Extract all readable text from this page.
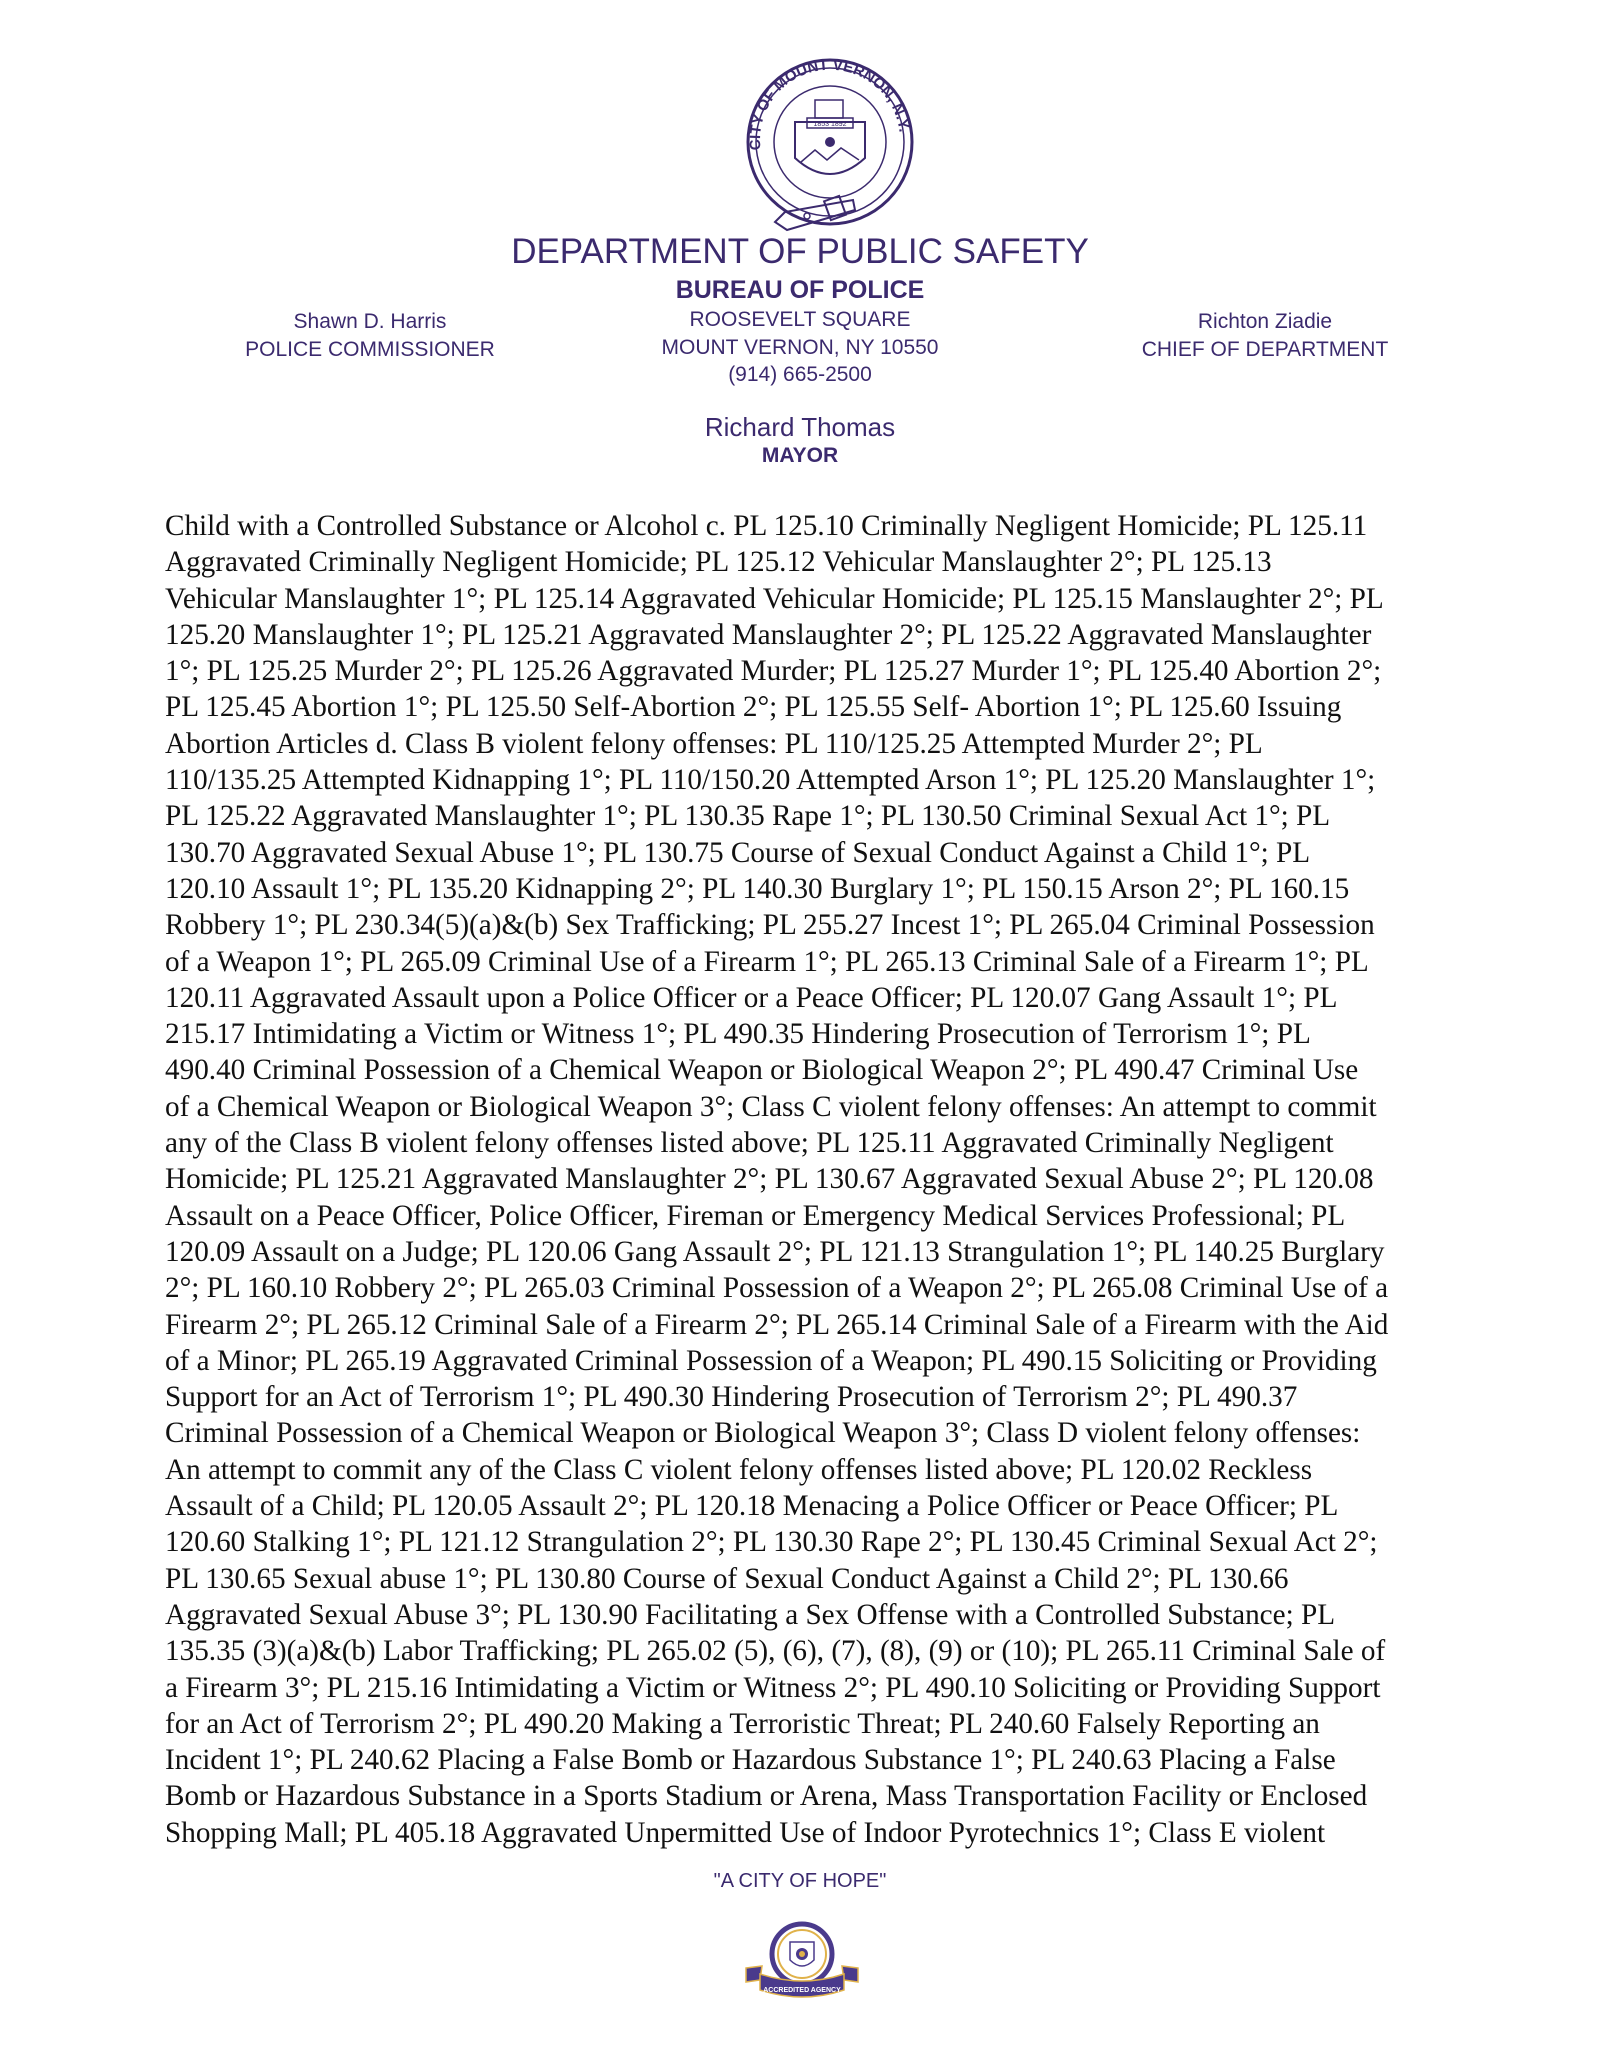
1853 1892
CITY OF MOUNT VERNON, N.Y.
DEPARTMENT OF PUBLIC SAFETY
BUREAU OF POLICE
Shawn D. Harris
POLICE COMMISSIONER
ROOSEVELT SQUARE
MOUNT VERNON, NY 10550
(914) 665-2500
Richton Ziadie
CHIEF OF DEPARTMENT
Richard Thomas
MAYOR
Child with a Controlled Substance or Alcohol c. PL 125.10 Criminally Negligent Homicide; PL 125.11
Aggravated Criminally Negligent Homicide; PL 125.12 Vehicular Manslaughter 2°; PL 125.13
Vehicular Manslaughter 1°; PL 125.14 Aggravated Vehicular Homicide; PL 125.15 Manslaughter 2°; PL
125.20 Manslaughter 1°; PL 125.21 Aggravated Manslaughter 2°; PL 125.22 Aggravated Manslaughter
1°; PL 125.25 Murder 2°; PL 125.26 Aggravated Murder; PL 125.27 Murder 1°; PL 125.40 Abortion 2°;
PL 125.45 Abortion 1°; PL 125.50 Self-Abortion 2°; PL 125.55 Self- Abortion 1°; PL 125.60 Issuing
Abortion Articles d. Class B violent felony offenses: PL 110/125.25 Attempted Murder 2°; PL
110/135.25 Attempted Kidnapping 1°; PL 110/150.20 Attempted Arson 1°; PL 125.20 Manslaughter 1°;
PL 125.22 Aggravated Manslaughter 1°; PL 130.35 Rape 1°; PL 130.50 Criminal Sexual Act 1°; PL
130.70 Aggravated Sexual Abuse 1°; PL 130.75 Course of Sexual Conduct Against a Child 1°; PL
120.10 Assault 1°; PL 135.20 Kidnapping 2°; PL 140.30 Burglary 1°; PL 150.15 Arson 2°; PL 160.15
Robbery 1°; PL 230.34(5)(a)&(b) Sex Trafficking; PL 255.27 Incest 1°; PL 265.04 Criminal Possession
of a Weapon 1°; PL 265.09 Criminal Use of a Firearm 1°; PL 265.13 Criminal Sale of a Firearm 1°; PL
120.11 Aggravated Assault upon a Police Officer or a Peace Officer; PL 120.07 Gang Assault 1°; PL
215.17 Intimidating a Victim or Witness 1°; PL 490.35 Hindering Prosecution of Terrorism 1°; PL
490.40 Criminal Possession of a Chemical Weapon or Biological Weapon 2°; PL 490.47 Criminal Use
of a Chemical Weapon or Biological Weapon 3°; Class C violent felony offenses: An attempt to commit
any of the Class B violent felony offenses listed above; PL 125.11 Aggravated Criminally Negligent
Homicide; PL 125.21 Aggravated Manslaughter 2°; PL 130.67 Aggravated Sexual Abuse 2°; PL 120.08
Assault on a Peace Officer, Police Officer, Fireman or Emergency Medical Services Professional; PL
120.09 Assault on a Judge; PL 120.06 Gang Assault 2°; PL 121.13 Strangulation 1°; PL 140.25 Burglary
2°; PL 160.10 Robbery 2°; PL 265.03 Criminal Possession of a Weapon 2°; PL 265.08 Criminal Use of a
Firearm 2°; PL 265.12 Criminal Sale of a Firearm 2°; PL 265.14 Criminal Sale of a Firearm with the Aid
of a Minor; PL 265.19 Aggravated Criminal Possession of a Weapon; PL 490.15 Soliciting or Providing
Support for an Act of Terrorism 1°; PL 490.30 Hindering Prosecution of Terrorism 2°; PL 490.37
Criminal Possession of a Chemical Weapon or Biological Weapon 3°; Class D violent felony offenses:
An attempt to commit any of the Class C violent felony offenses listed above; PL 120.02 Reckless
Assault of a Child; PL 120.05 Assault 2°; PL 120.18 Menacing a Police Officer or Peace Officer; PL
120.60 Stalking 1°; PL 121.12 Strangulation 2°; PL 130.30 Rape 2°; PL 130.45 Criminal Sexual Act 2°;
PL 130.65 Sexual abuse 1°; PL 130.80 Course of Sexual Conduct Against a Child 2°; PL 130.66
Aggravated Sexual Abuse 3°; PL 130.90 Facilitating a Sex Offense with a Controlled Substance; PL
135.35 (3)(a)&(b) Labor Trafficking; PL 265.02 (5), (6), (7), (8), (9) or (10); PL 265.11 Criminal Sale of
a Firearm 3°; PL 215.16 Intimidating a Victim or Witness 2°; PL 490.10 Soliciting or Providing Support
for an Act of Terrorism 2°; PL 490.20 Making a Terroristic Threat; PL 240.60 Falsely Reporting an
Incident 1°; PL 240.62 Placing a False Bomb or Hazardous Substance 1°; PL 240.63 Placing a False
Bomb or Hazardous Substance in a Sports Stadium or Arena, Mass Transportation Facility or Enclosed
Shopping Mall; PL 405.18 Aggravated Unpermitted Use of Indoor Pyrotechnics 1°; Class E violent
"A CITY OF HOPE"
ACCREDITED AGENCY
